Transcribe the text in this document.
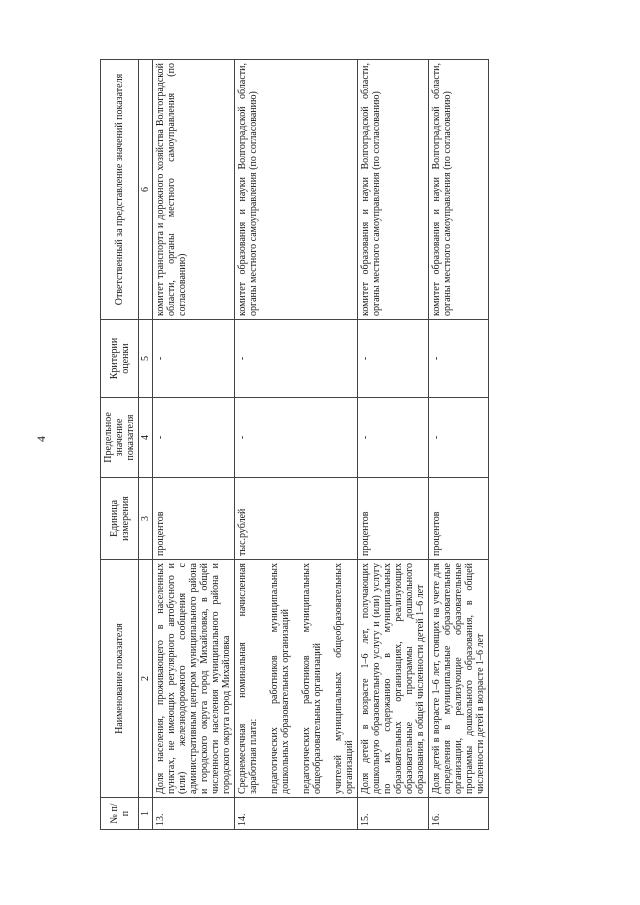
4
№ п/п	Наименование показателя	Единица измерения	Предельное значение показателя	Критерии оценки	Ответственный за представление значений показателя
1	2	3	4	5	6
13.	Доля населения, проживающего в населенных пунктах, не имеющих регулярного автобусного и (или) железнодорожного сообщения с административным центром муниципального района и городского округа город Михайловка, в общей численности населения муниципального района и городского округа город Михайловка	процентов	-	-	комитет транспорта и дорожного хозяйства Волгоградской области, органы местного самоуправления (по согласованию)
14.	Среднемесячная номинальная начисленная заработная плата: педагогических работников муниципальных дошкольных образовательных организаций педагогических работников муниципальных общеобразовательных организаций учителей муниципальных общеобразовательных организаций	тыс.рублей	-	-	комитет образования и науки Волгоградской области, органы местного самоуправления (по согласованию)
15.	Доля детей в возрасте 1–6 лет, получающих дошкольную образовательную услугу и (или) услугу по их содержанию в муниципальных образовательных организациях, реализующих образовательные программы дошкольного образования, в общей численности детей 1–6 лет	процентов	-	-	комитет образования и науки Волгоградской области, органы местного самоуправления (по согласованию)
16.	Доля детей в возрасте 1–6 лет, стоящих на учете для определения в муниципальные образовательные организации, реализующие образовательные программы дошкольного образования, в общей численности детей в возрасте 1–6 лет	процентов	-	-	комитет образования и науки Волгоградской области, органы местного самоуправления (по согласованию)
